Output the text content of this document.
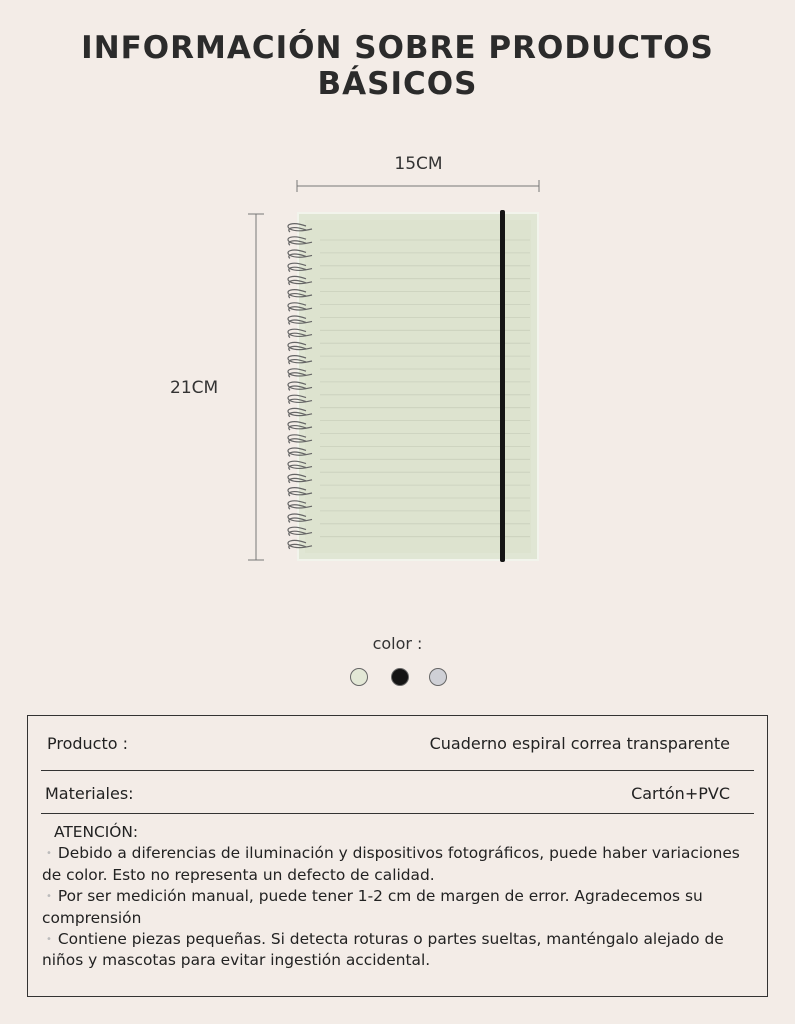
INFORMACIÓN SOBRE PRODUCTOS BÁSICOS
15CM
21CM
color :
Producto :	Cuaderno espiral correa transparente
Materiales:	Cartón+PVC

ATENCIÓN:

• Debido a diferencias de iluminación y dispositivos fotográficos, puede haber variaciones de color. Esto no representa un defecto de calidad.

• Por ser medición manual, puede tener 1-2 cm de margen de error. Agradecemos su comprensión

• Contiene piezas pequeñas. Si detecta roturas o partes sueltas, manténgalo alejado de niños y mascotas para evitar ingestión accidental.
